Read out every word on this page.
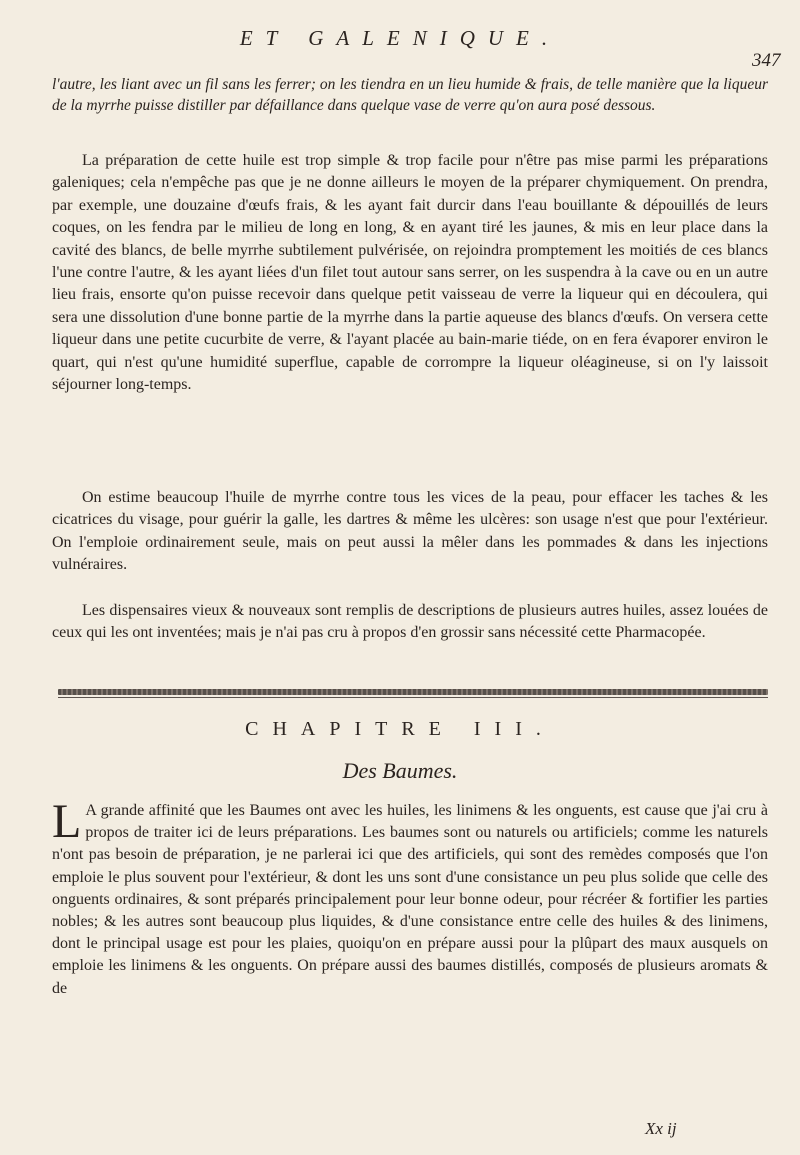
ET GALENIQUE.
347

l'autre, les liant avec un fil sans les ferrer; on les tiendra en un lieu humide & frais, de telle manière que la liqueur de la myrrhe puisse distiller par défaillance dans quelque vase de verre qu'on aura posé dessous.

La préparation de cette huile est trop simple & trop facile pour n'être pas mise parmi les préparations galeniques; cela n'empêche pas que je ne donne ailleurs le moyen de la préparer chymiquement. On prendra, par exemple, une douzaine d'œufs frais, & les ayant fait durcir dans l'eau bouillante & dépouillés de leurs coques, on les fendra par le milieu de long en long, & en ayant tiré les jaunes, & mis en leur place dans la cavité des blancs, de belle myrrhe subtilement pulvérisée, on rejoindra promptement les moitiés de ces blancs l'une contre l'autre, & les ayant liées d'un filet tout autour sans serrer, on les suspendra à la cave ou en un autre lieu frais, ensorte qu'on puisse recevoir dans quelque petit vaisseau de verre la liqueur qui en découlera, qui sera une dissolution d'une bonne partie de la myrrhe dans la partie aqueuse des blancs d'œufs. On versera cette liqueur dans une petite cucurbite de verre, & l'ayant placée au bain-marie tiéde, on en fera évaporer environ le quart, qui n'est qu'une humidité superflue, capable de corrompre la liqueur oléagineuse, si on l'y laissoit séjourner long-temps.

On estime beaucoup l'huile de myrrhe contre tous les vices de la peau, pour effacer les taches & les cicatrices du visage, pour guérir la galle, les dartres & même les ulcères: son usage n'est que pour l'extérieur. On l'emploie ordinairement seule, mais on peut aussi la mêler dans les pommades & dans les injections vulnéraires.

Les dispensaires vieux & nouveaux sont remplis de descriptions de plusieurs autres huiles, assez louées de ceux qui les ont inventées; mais je n'ai pas cru à propos d'en grossir sans nécessité cette Pharmacopée.

CHAPITRE III.
Des Baumes.

L A grande affinité que les Baumes ont avec les huiles, les linimens & les onguents, est cause que j'ai cru à propos de traiter ici de leurs préparations. Les baumes sont ou naturels ou artificiels; comme les naturels n'ont pas besoin de préparation, je ne parlerai ici que des artificiels, qui sont des remèdes composés que l'on emploie le plus souvent pour l'extérieur, & dont les uns sont d'une consistance un peu plus solide que celle des onguents ordinaires, & sont préparés principalement pour leur bonne odeur, pour récréer & fortifier les parties nobles; & les autres sont beaucoup plus liquides, & d'une consistance entre celle des huiles & des linimens, dont le principal usage est pour les plaies, quoiqu'on en prépare aussi pour la plûpart des maux ausquels on emploie les linimens & les onguents. On prépare aussi des baumes distillés, composés de plusieurs aromats & de

Xx ij
